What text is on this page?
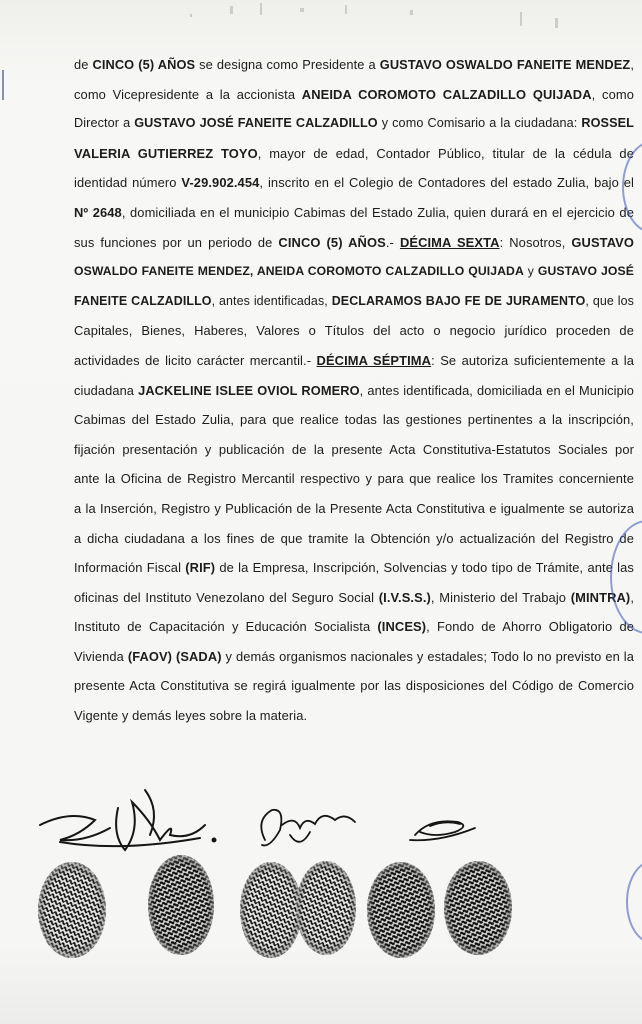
de CINCO (5) AÑOS se designa como Presidente a GUSTAVO OSWALDO FANEITE MENDEZ,
como Vicepresidente a la accionista ANEIDA COROMOTO CALZADILLO QUIJADA, como
Director a GUSTAVO JOSÉ FANEITE CALZADILLO y como Comisario a la ciudadana: ROSSEL
VALERIA GUTIERREZ TOYO, mayor de edad, Contador Público, titular de la cédula de
identidad número V-29.902.454, inscrito en el Colegio de Contadores del estado Zulia, bajo el
Nº 2648, domiciliada en el municipio Cabimas del Estado Zulia, quien durará en el ejercicio de
sus funciones por un periodo de CINCO (5) AÑOS.- DÉCIMA SEXTA: Nosotros, GUSTAVO
OSWALDO FANEITE MENDEZ, ANEIDA COROMOTO CALZADILLO QUIJADA y GUSTAVO JOSÉ
FANEITE CALZADILLO, antes identificadas, DECLARAMOS BAJO FE DE JURAMENTO, que los
Capitales, Bienes, Haberes, Valores o Títulos del acto o negocio jurídico proceden de
actividades de licito carácter mercantil.- DÉCIMA SÉPTIMA: Se autoriza suficientemente a la
ciudadana JACKELINE ISLEE OVIOL ROMERO, antes identificada, domiciliada en el Municipio
Cabimas del Estado Zulia, para que realice todas las gestiones pertinentes a la inscripción,
fijación presentación y publicación de la presente Acta Constitutiva-Estatutos Sociales por
ante la Oficina de Registro Mercantil respectivo y para que realice los Tramites concerniente
a la Inserción, Registro y Publicación de la Presente Acta Constitutiva e igualmente se autoriza
a dicha ciudadana a los fines de que tramite la Obtención y/o actualización del Registro de
Información Fiscal (RIF) de la Empresa, Inscripción, Solvencias y todo tipo de Trámite, ante las
oficinas del Instituto Venezolano del Seguro Social (I.V.S.S.), Ministerio del Trabajo (MINTRA),
Instituto de Capacitación y Educación Socialista (INCES), Fondo de Ahorro Obligatorio de
Vivienda (FAOV) (SADA) y demás organismos nacionales y estadales; Todo lo no previsto en la
presente Acta Constitutiva se regirá igualmente por las disposiciones del Código de Comercio
Vigente y demás leyes sobre la materia.
